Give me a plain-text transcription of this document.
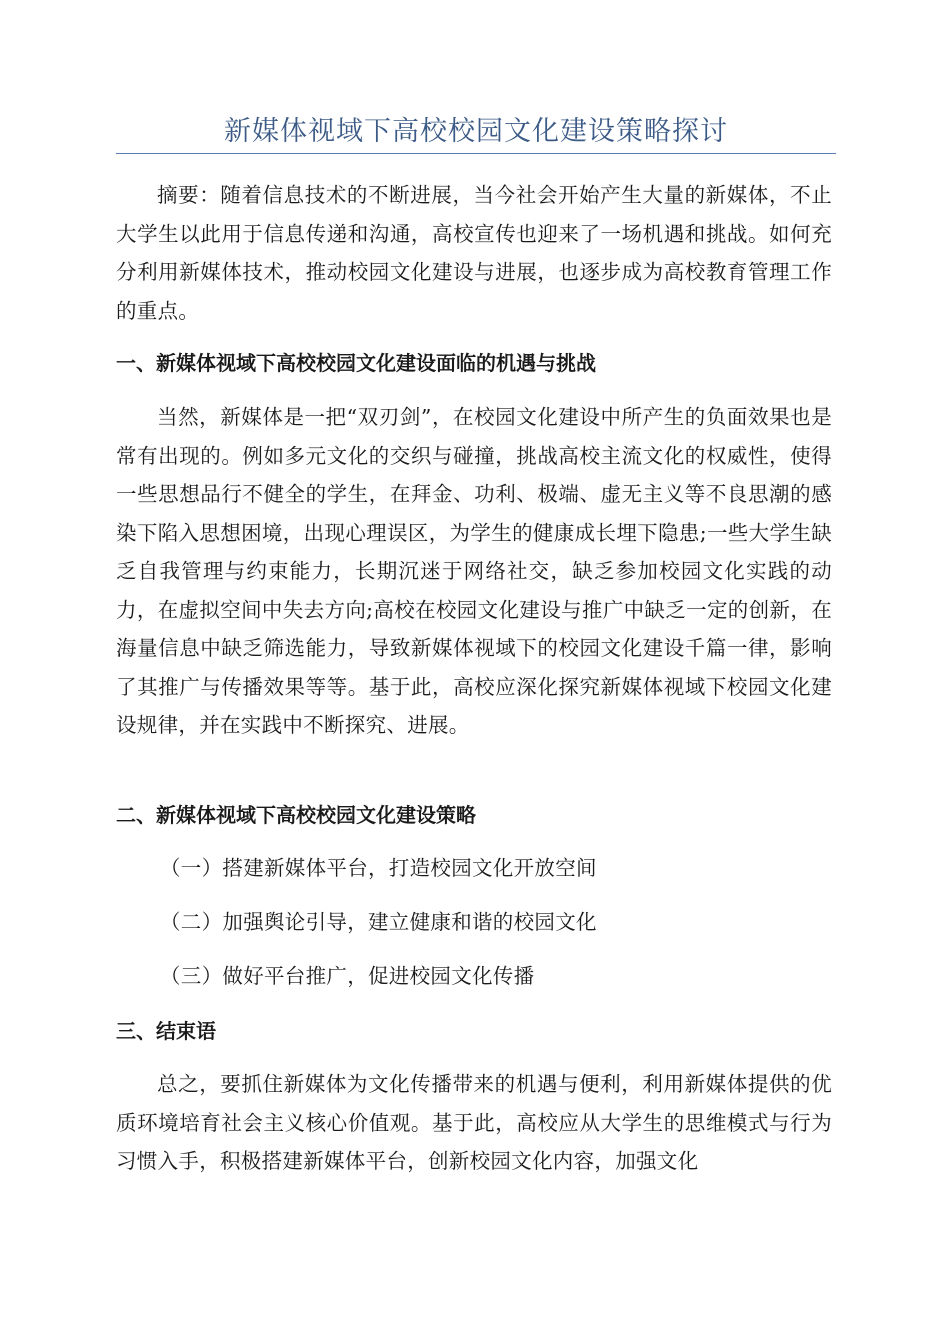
新媒体视域下高校校园文化建设策略探讨
摘要：随着信息技术的不断进展，当今社会开始产生大量的新媒体，不止大学生以此用于信息传递和沟通，高校宣传也迎来了一场机遇和挑战。如何充分利用新媒体技术，推动校园文化建设与进展，也逐步成为高校教育管理工作的重点。
一、新媒体视域下高校校园文化建设面临的机遇与挑战
当然，新媒体是一把“双刃剑”，在校园文化建设中所产生的负面效果也是常有出现的。例如多元文化的交织与碰撞，挑战高校主流文化的权威性，使得一些思想品行不健全的学生，在拜金、功利、极端、虚无主义等不良思潮的感染下陷入思想困境，出现心理误区，为学生的健康成长埋下隐患;一些大学生缺乏自我管理与约束能力，长期沉迷于网络社交，缺乏参加校园文化实践的动力，在虚拟空间中失去方向;高校在校园文化建设与推广中缺乏一定的创新，在海量信息中缺乏筛选能力，导致新媒体视域下的校园文化建设千篇一律，影响了其推广与传播效果等等。基于此，高校应深化探究新媒体视域下校园文化建设规律，并在实践中不断探究、进展。
二、新媒体视域下高校校园文化建设策略
（一）搭建新媒体平台，打造校园文化开放空间
（二）加强舆论引导，建立健康和谐的校园文化
（三）做好平台推广，促进校园文化传播
三、结束语
总之，要抓住新媒体为文化传播带来的机遇与便利，利用新媒体提供的优质环境培育社会主义核心价值观。基于此，高校应从大学生的思维模式与行为习惯入手，积极搭建新媒体平台，创新校园文化内容，加强文化
